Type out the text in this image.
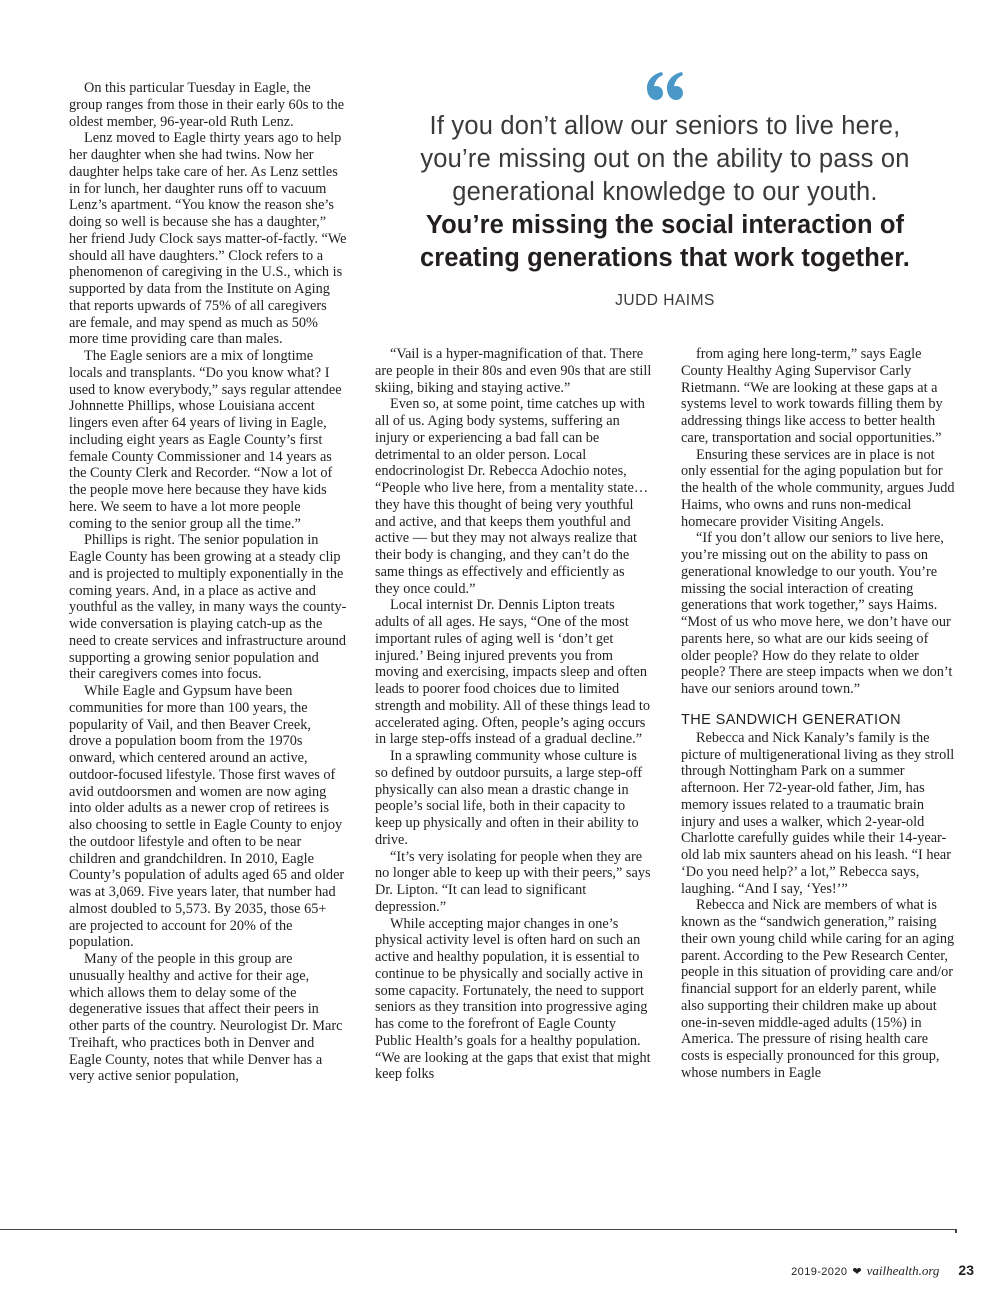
On this particular Tuesday in Eagle, the group ranges from those in their early 60s to the oldest member, 96-year-old Ruth Lenz.

Lenz moved to Eagle thirty years ago to help her daughter when she had twins. Now her daughter helps take care of her. As Lenz settles in for lunch, her daughter runs off to vacuum Lenz’s apartment. “You know the reason she’s doing so well is because she has a daughter,” her friend Judy Clock says matter-of-factly. “We should all have daughters.” Clock refers to a phenomenon of caregiving in the U.S., which is supported by data from the Institute on Aging that reports upwards of 75% of all caregivers are female, and may spend as much as 50% more time providing care than males.

The Eagle seniors are a mix of longtime locals and transplants. “Do you know what? I used to know everybody,” says regular attendee Johnnette Phillips, whose Louisiana accent lingers even after 64 years of living in Eagle, including eight years as Eagle County’s first female County Commissioner and 14 years as the County Clerk and Recorder. “Now a lot of the people move here because they have kids here. We seem to have a lot more people coming to the senior group all the time.”

Phillips is right. The senior population in Eagle County has been growing at a steady clip and is projected to multiply exponentially in the coming years. And, in a place as active and youthful as the valley, in many ways the county-wide conversation is playing catch-up as the need to create services and infrastructure around supporting a growing senior population and their caregivers comes into focus.

While Eagle and Gypsum have been communities for more than 100 years, the popularity of Vail, and then Beaver Creek, drove a population boom from the 1970s onward, which centered around an active, outdoor-focused lifestyle. Those first waves of avid outdoorsmen and women are now aging into older adults as a newer crop of retirees is also choosing to settle in Eagle County to enjoy the outdoor lifestyle and often to be near children and grandchildren. In 2010, Eagle County’s population of adults aged 65 and older was at 3,069. Five years later, that number had almost doubled to 5,573. By 2035, those 65+ are projected to account for 20% of the population.

Many of the people in this group are unusually healthy and active for their age, which allows them to delay some of the degenerative issues that affect their peers in other parts of the country. Neurologist Dr. Marc Treihaft, who practices both in Denver and Eagle County, notes that while Denver has a very active senior population,

If you don’t allow our seniors to live here,
you’re missing out on the ability to pass on
generational knowledge to our youth.
You’re missing the social interaction of
creating generations that work together.
JUDD HAIMS

“Vail is a hyper-magnification of that. There are people in their 80s and even 90s that are still skiing, biking and staying active.”

Even so, at some point, time catches up with all of us. Aging body systems, suffering an injury or experiencing a bad fall can be detrimental to an older person. Local endocrinologist Dr. Rebecca Adochio notes, “People who live here, from a mentality state… they have this thought of being very youthful and active, and that keeps them youthful and active — but they may not always realize that their body is changing, and they can’t do the same things as effectively and efficiently as they once could.”

Local internist Dr. Dennis Lipton treats adults of all ages. He says, “One of the most important rules of aging well is ‘don’t get injured.’ Being injured prevents you from moving and exercising, impacts sleep and often leads to poorer food choices due to limited strength and mobility. All of these things lead to accelerated aging. Often, people’s aging occurs in large step-offs instead of a gradual decline.”

In a sprawling community whose culture is so defined by outdoor pursuits, a large step-off physically can also mean a drastic change in people’s social life, both in their capacity to keep up physically and often in their ability to drive.

“It’s very isolating for people when they are no longer able to keep up with their peers,” says Dr. Lipton. “It can lead to significant depression.”

While accepting major changes in one’s physical activity level is often hard on such an active and healthy population, it is essential to continue to be physically and socially active in some capacity. Fortunately, the need to support seniors as they transition into progressive aging has come to the forefront of Eagle County Public Health’s goals for a healthy population. “We are looking at the gaps that exist that might keep folks

from aging here long-term,” says Eagle County Healthy Aging Supervisor Carly Rietmann. “We are looking at these gaps at a systems level to work towards filling them by addressing things like access to better health care, transportation and social opportunities.”

Ensuring these services are in place is not only essential for the aging population but for the health of the whole community, argues Judd Haims, who owns and runs non-medical homecare provider Visiting Angels.

“If you don’t allow our seniors to live here, you’re missing out on the ability to pass on generational knowledge to our youth. You’re missing the social interaction of creating generations that work together,” says Haims. “Most of us who move here, we don’t have our parents here, so what are our kids seeing of older people? How do they relate to older people? There are steep impacts when we don’t have our seniors around town.”

THE SANDWICH GENERATION

Rebecca and Nick Kanaly’s family is the picture of multigenerational living as they stroll through Nottingham Park on a summer afternoon. Her 72-year-old father, Jim, has memory issues related to a traumatic brain injury and uses a walker, which 2-year-old Charlotte carefully guides while their 14-year-old lab mix saunters ahead on his leash. “I hear ‘Do you need help?’ a lot,” Rebecca says, laughing. “And I say, ‘Yes!’”

Rebecca and Nick are members of what is known as the “sandwich generation,” raising their own young child while caring for an aging parent. According to the Pew Research Center, people in this situation of providing care and/or financial support for an elderly parent, while also supporting their children make up about one-in-seven middle-aged adults (15%) in America. The pressure of rising health care costs is especially pronounced for this group, whose numbers in Eagle

2019-2020 ❤ vailhealth.org 23
